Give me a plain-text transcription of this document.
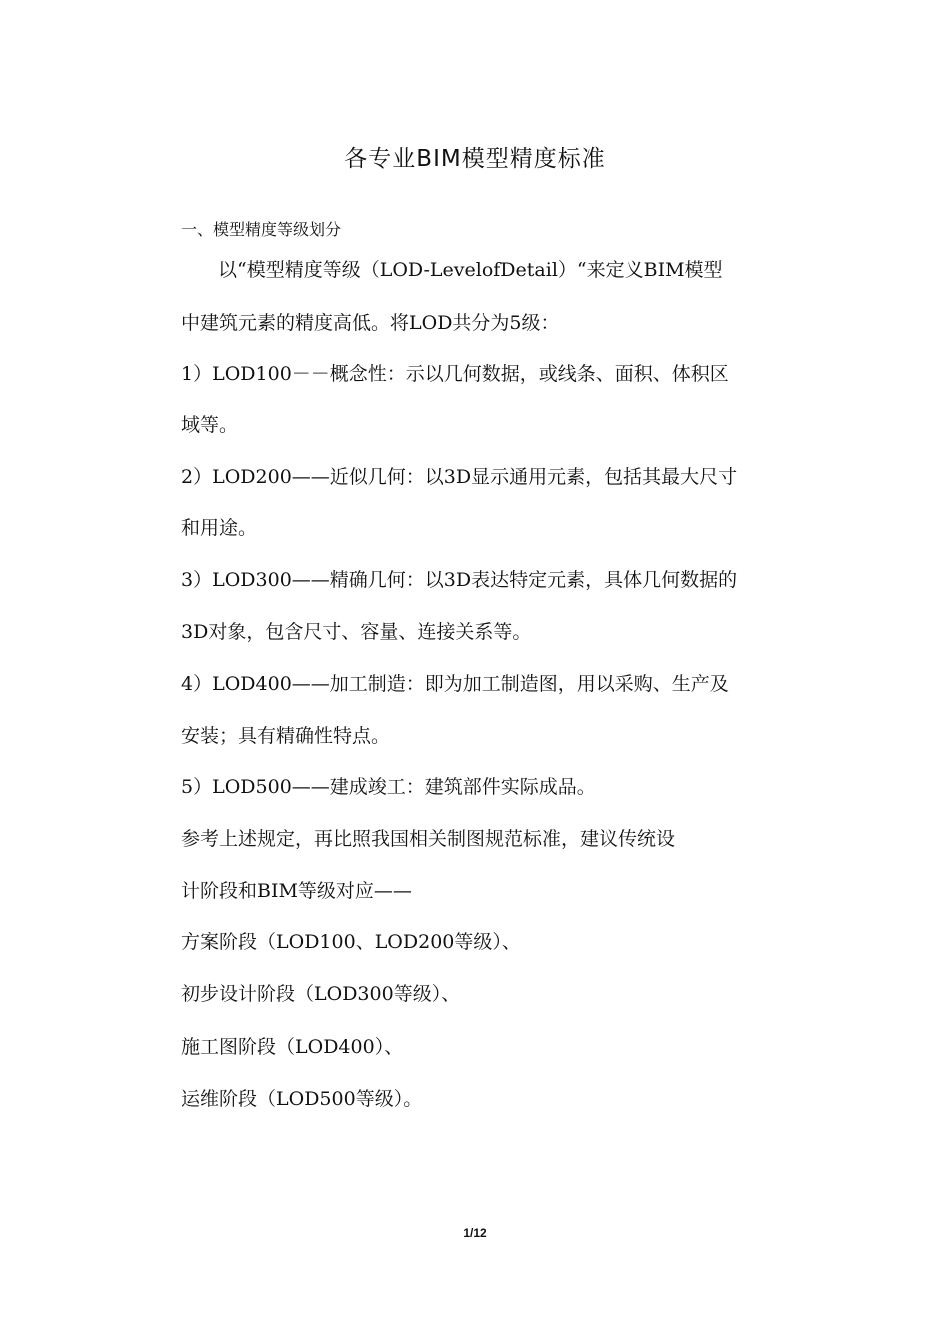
各专业BIM模型精度标准
一、模型精度等级划分
以“模型精度等级（LOD-LevelofDetail）“来定义BIM模型
中建筑元素的精度高低。将LOD共分为5级：
1）LOD100－－概念性：示以几何数据，或线条、面积、体积区
域等。
2）LOD200——近似几何：以3D显示通用元素，包括其最大尺寸
和用途。
3）LOD300——精确几何：以3D表达特定元素，具体几何数据的
3D对象，包含尺寸、容量、连接关系等。
4）LOD400——加工制造：即为加工制造图，用以采购、生产及
安装；具有精确性特点。
5）LOD500——建成竣工：建筑部件实际成品。
参考上述规定，再比照我国相关制图规范标准，建议传统设
计阶段和BIM等级对应——
方案阶段（LOD100、LOD200等级）、
初步设计阶段（LOD300等级）、
施工图阶段（LOD400）、
运维阶段（LOD500等级）。
1/12
